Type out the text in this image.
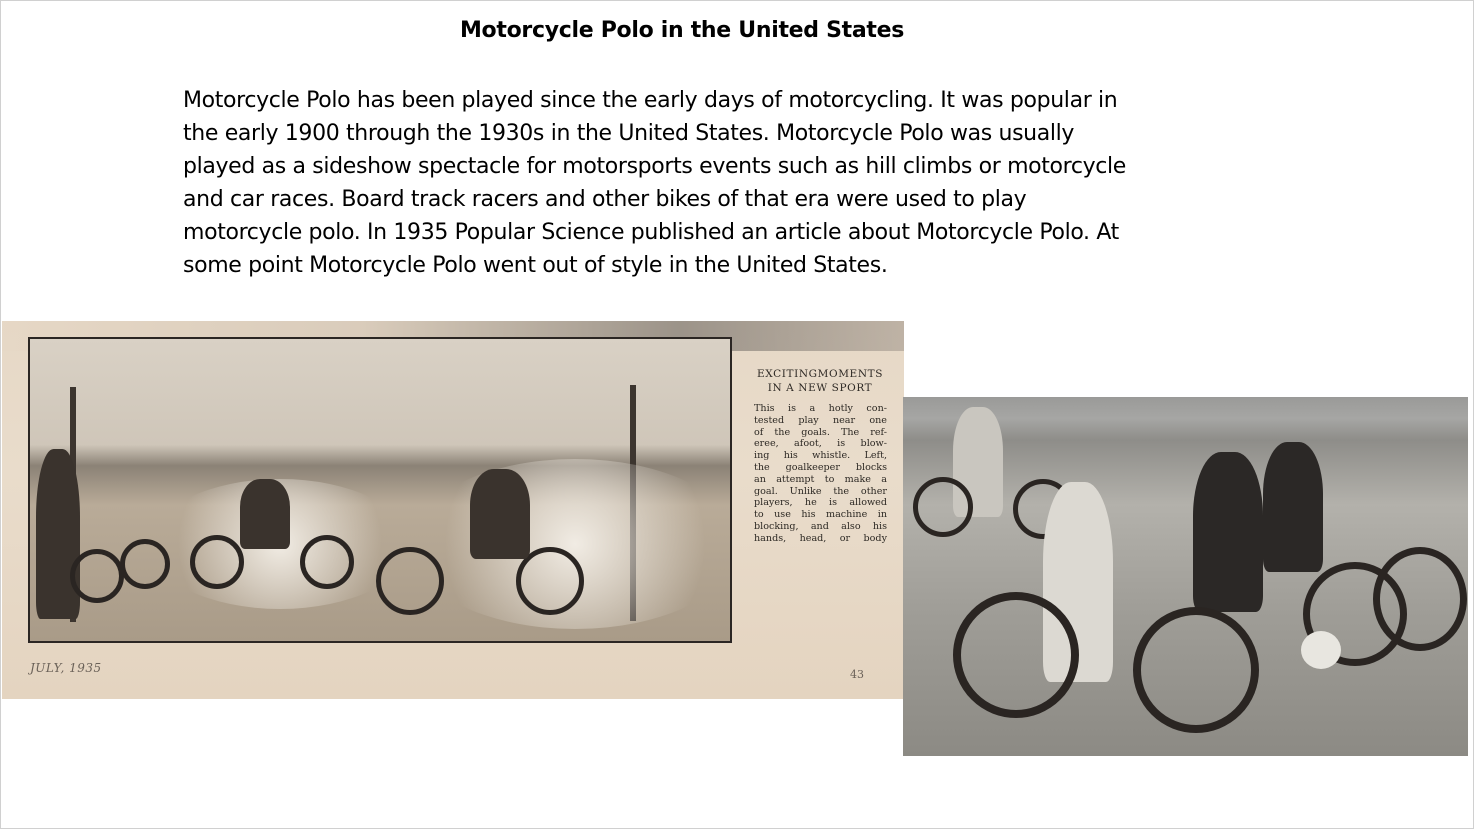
Motorcycle Polo in the United States
Motorcycle Polo has been played since the early days of motorcycling. It was popular in
the early 1900 through the 1930s in the United States. Motorcycle Polo was usually
played as a sideshow spectacle for motorsports events such as hill climbs or motorcycle
and car races. Board track racers and other bikes of that era were used to play
motorcycle polo. In 1935 Popular Science published an article about Motorcycle Polo. At
some point Motorcycle Polo went out of style in the United States.
EXCITINGMOMENTS
IN A NEW SPORT
This is a hotly con-
tested play near one
of the goals. The ref-
eree, afoot, is blow-
ing his whistle. Left,
the goalkeeper blocks
an attempt to make a
goal. Unlike the other
players, he is allowed
to use his machine in
blocking, and also his
hands, head, or body
JULY, 1935	43
